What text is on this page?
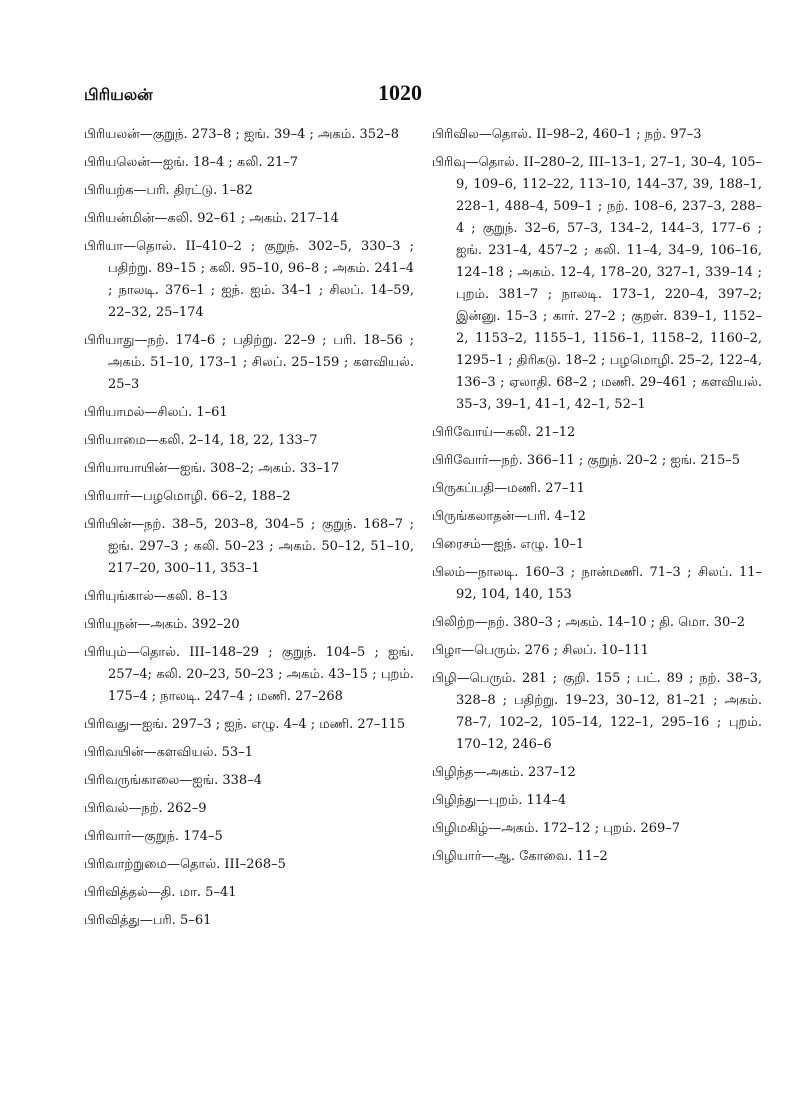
பிரியலன்	1020
பிரியலன்—குறுந். 273–8 ; ஐங். 39–4 ; அகம். 352–8
பிரியலென்—ஐங். 18–4 ; கலி. 21–7
பிரியற்க—பரி. திரட்டு. 1–82
பிரியன்மின்—கலி. 92–61 ; அகம். 217–14
பிரியா—தொல். II–410–2 ; குறுந். 302–5, 330–3 ; பதிற்று. 89–15 ; கலி. 95–10, 96–8 ; அகம். 241–4 ; நாலடி. 376–1 ; ஐந். ஐம். 34–1 ; சிலப். 14–59, 22–32, 25–174
பிரியாது—நற். 174–6 ; பதிற்று. 22–9 ; பரி. 18–56 ; அகம். 51–10, 173–1 ; சிலப். 25–159 ; களவியல். 25–3
பிரியாமல்—சிலப். 1–61
பிரியாமை—கலி. 2–14, 18, 22, 133–7
பிரியாயாயின்—ஐங். 308–2; அகம். 33–17
பிரியார்—பழமொழி. 66–2, 188–2
பிரியின்—நற். 38–5, 203–8, 304–5 ; குறுந். 168–7 ; ஐங். 297–3 ; கலி. 50–23 ; அகம். 50–12, 51–10, 217–20, 300–11, 353–1
பிரியுங்கால்—கலி. 8–13
பிரியுநன்—அகம். 392–20
பிரியும்—தொல். III–148–29 ; குறுந். 104–5 ; ஐங். 257–4; கலி. 20–23, 50–23 ; அகம். 43–15 ; புறம். 175–4 ; நாலடி. 247–4 ; மணி. 27–268
பிரிவது—ஐங். 297–3 ; ஐந். எழு. 4–4 ; மணி. 27–115
பிரிவயின்—களவியல். 53–1
பிரிவருங்காலை—ஐங். 338–4
பிரிவல்—நற். 262–9
பிரிவார்—குறுந். 174–5
பிரிவாற்றுமை—தொல். III–268–5
பிரிவித்தல்—தி. மா. 5–41
பிரிவித்து—பரி. 5–61
பிரிவில—தொல். II–98–2, 460–1 ; நற். 97–3
பிரிவு—தொல். II–280–2, III–13–1, 27–1, 30–4, 105–9, 109–6, 112–22, 113–10, 144–37, 39, 188–1, 228–1, 488–4, 509–1 ; நற். 108–6, 237–3, 288–4 ; குறுந். 32–6, 57–3, 134–2, 144–3, 177–6 ; ஐங். 231–4, 457–2 ; கலி. 11–4, 34–9, 106–16, 124–18 ; அகம். 12–4, 178–20, 327–1, 339–14 ; புறம். 381–7 ; நாலடி. 173–1, 220–4, 397–2; இன்னு. 15–3 ; கார். 27–2 ; குறள். 839–1, 1152–2, 1153–2, 1155–1, 1156–1, 1158–2, 1160–2, 1295–1 ; திரிகடு. 18–2 ; பழமொழி. 25–2, 122–4, 136–3 ; ஏலாதி. 68–2 ; மணி. 29–461 ; களவியல். 35–3, 39–1, 41–1, 42–1, 52–1
பிரிவோய்—கலி. 21–12
பிரிவோர்—நற். 366–11 ; குறுந். 20–2 ; ஐங். 215–5
பிருகப்பதி—மணி. 27–11
பிருங்கலாதன்—பரி. 4–12
பிரைசம்—ஐந். எழு. 10–1
பிலம்—நாலடி. 160–3 ; நான்மணி. 71–3 ; சிலப். 11–92, 104, 140, 153
பிலிற்ற—நற். 380–3 ; அகம். 14–10 ; தி. மொ. 30–2
பிழா—பெரும். 276 ; சிலப். 10–111
பிழி—பெரும். 281 ; குறி. 155 ; பட். 89 ; நற். 38–3, 328–8 ; பதிற்று. 19–23, 30–12, 81–21 ; அகம். 78–7, 102–2, 105–14, 122–1, 295–16 ; புறம். 170–12, 246–6
பிழிந்த—அகம். 237–12
பிழிந்து—புறம். 114–4
பிழிமகிழ்—அகம். 172–12 ; புறம். 269–7
பிழியார்—ஆ. கோவை. 11–2
